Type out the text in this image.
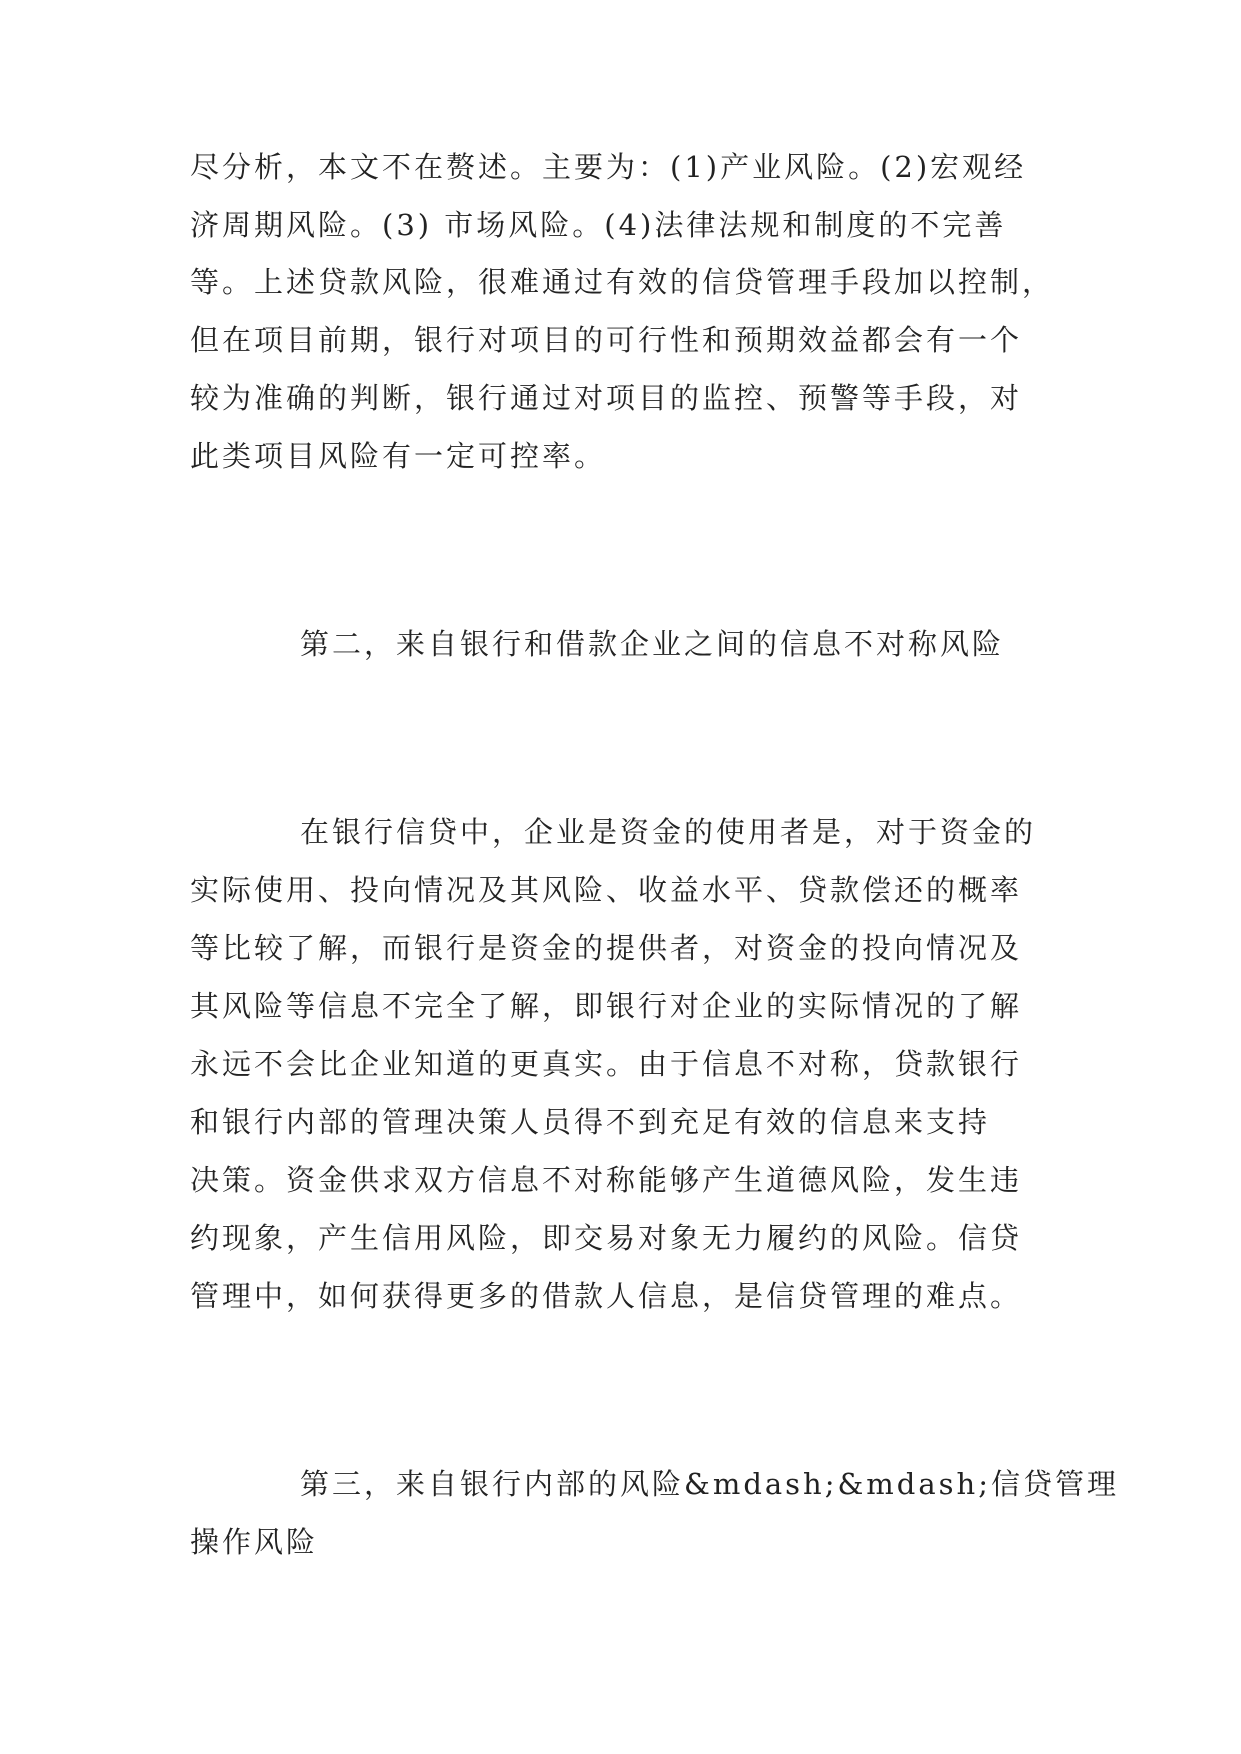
尽分析，本文不在赘述。主要为：(1)产业风险。(2)宏观经
济周期风险。(3) 市场风险。(4)法律法规和制度的不完善
等。上述贷款风险，很难通过有效的信贷管理手段加以控制，
但在项目前期，银行对项目的可行性和预期效益都会有一个
较为准确的判断，银行通过对项目的监控、预警等手段，对
此类项目风险有一定可控率。
第二，来自银行和借款企业之间的信息不对称风险
在银行信贷中，企业是资金的使用者是，对于资金的
实际使用、投向情况及其风险、收益水平、贷款偿还的概率
等比较了解，而银行是资金的提供者，对资金的投向情况及
其风险等信息不完全了解，即银行对企业的实际情况的了解
永远不会比企业知道的更真实。由于信息不对称，贷款银行
和银行内部的管理决策人员得不到充足有效的信息来支持
决策。资金供求双方信息不对称能够产生道德风险，发生违
约现象，产生信用风险，即交易对象无力履约的风险。信贷
管理中，如何获得更多的借款人信息，是信贷管理的难点。
第三，来自银行内部的风险&mdash;&mdash;信贷管理
操作风险
